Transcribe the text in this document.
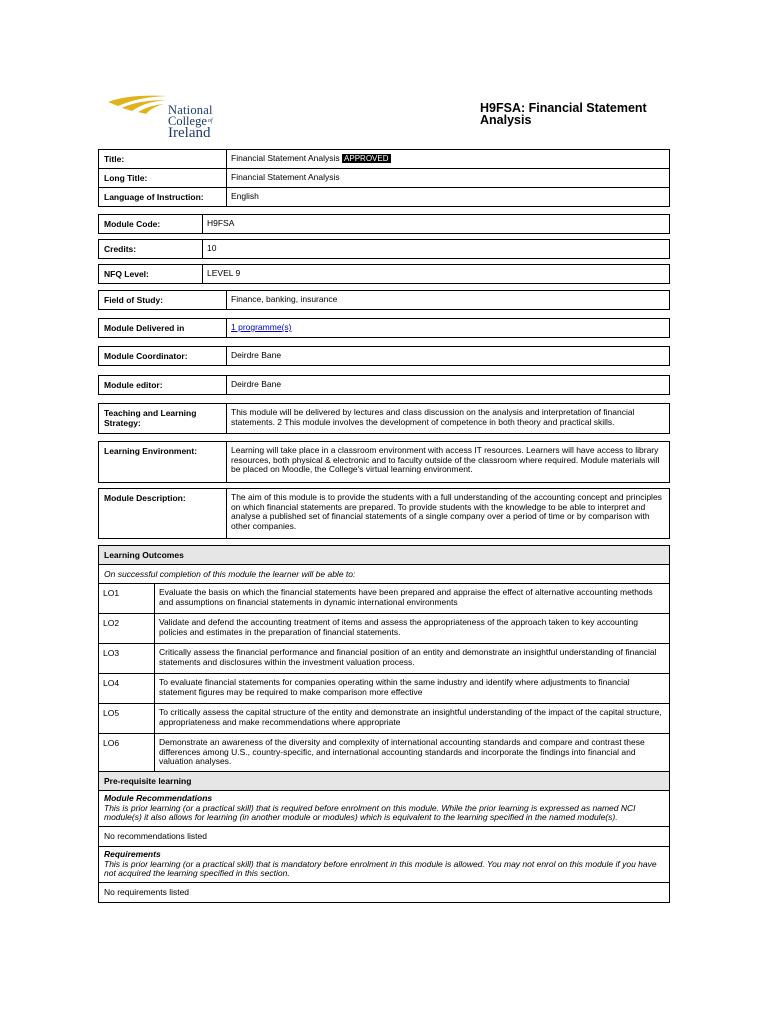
National
College$^{of}$
Ireland
H9FSA: Financial Statement Analysis
Title:	Financial Statement Analysis APPROVED
Long Title:	Financial Statement Analysis
Language of Instruction:	English
Module Code:	H9FSA
Credits:	10
NFQ Level:	LEVEL 9
Field of Study:	Finance, banking, insurance
Module Delivered in	1 programme(s)
Module Coordinator:	Deirdre Bane
Module editor:	Deirdre Bane
Teaching and Learning Strategy:
This module will be delivered by lectures and class discussion on the analysis and interpretation of financial statements. 2 This module involves the development of competence in both theory and practical skills.
Learning Environment:	Learning will take place in a classroom environment with access IT resources. Learners will have access to library resources, both physical & electronic and to faculty outside of the classroom where required. Module materials will be placed on Moodle, the College's virtual learning environment.
Module Description:	The aim of this module is to provide the students with a full understanding of the accounting concept and principles on which financial statements are prepared. To provide students with the knowledge to be able to interpret and analyse a published set of financial statements of a single company over a period of time or by comparison with other companies.
Learning Outcomes
On successful completion of this module the learner will be able to:
LO1	Evaluate the basis on which the financial statements have been prepared and appraise the effect of alternative accounting methods and assumptions on financial statements in dynamic international environments
LO2	Validate and defend the accounting treatment of items and assess the appropriateness of the approach taken to key accounting policies and estimates in the preparation of financial statements.
LO3	Critically assess the financial performance and financial position of an entity and demonstrate an insightful understanding of financial statements and disclosures within the investment valuation process.
LO4	To evaluate financial statements for companies operating within the same industry and identify where adjustments to financial statement figures may be required to make comparison more effective
LO5	To critically assess the capital structure of the entity and demonstrate an insightful understanding of the impact of the capital structure, appropriateness and make recommendations where appropriate
LO6	Demonstrate an awareness of the diversity and complexity of international accounting standards and compare and contrast these differences among U.S., country-specific, and international accounting standards and incorporate the findings into financial and valuation analyses.
Pre-requisite learning
Module Recommendations
This is prior learning (or a practical skill) that is required before enrolment on this module. While the prior learning is expressed as named NCI module(s) it also allows for learning (in another module or modules) which is equivalent to the learning specified in the named module(s).
No recommendations listed
Requirements
This is prior learning (or a practical skill) that is mandatory before enrolment in this module is allowed. You may not enrol on this module if you have not acquired the learning specified in this section.
No requirements listed
